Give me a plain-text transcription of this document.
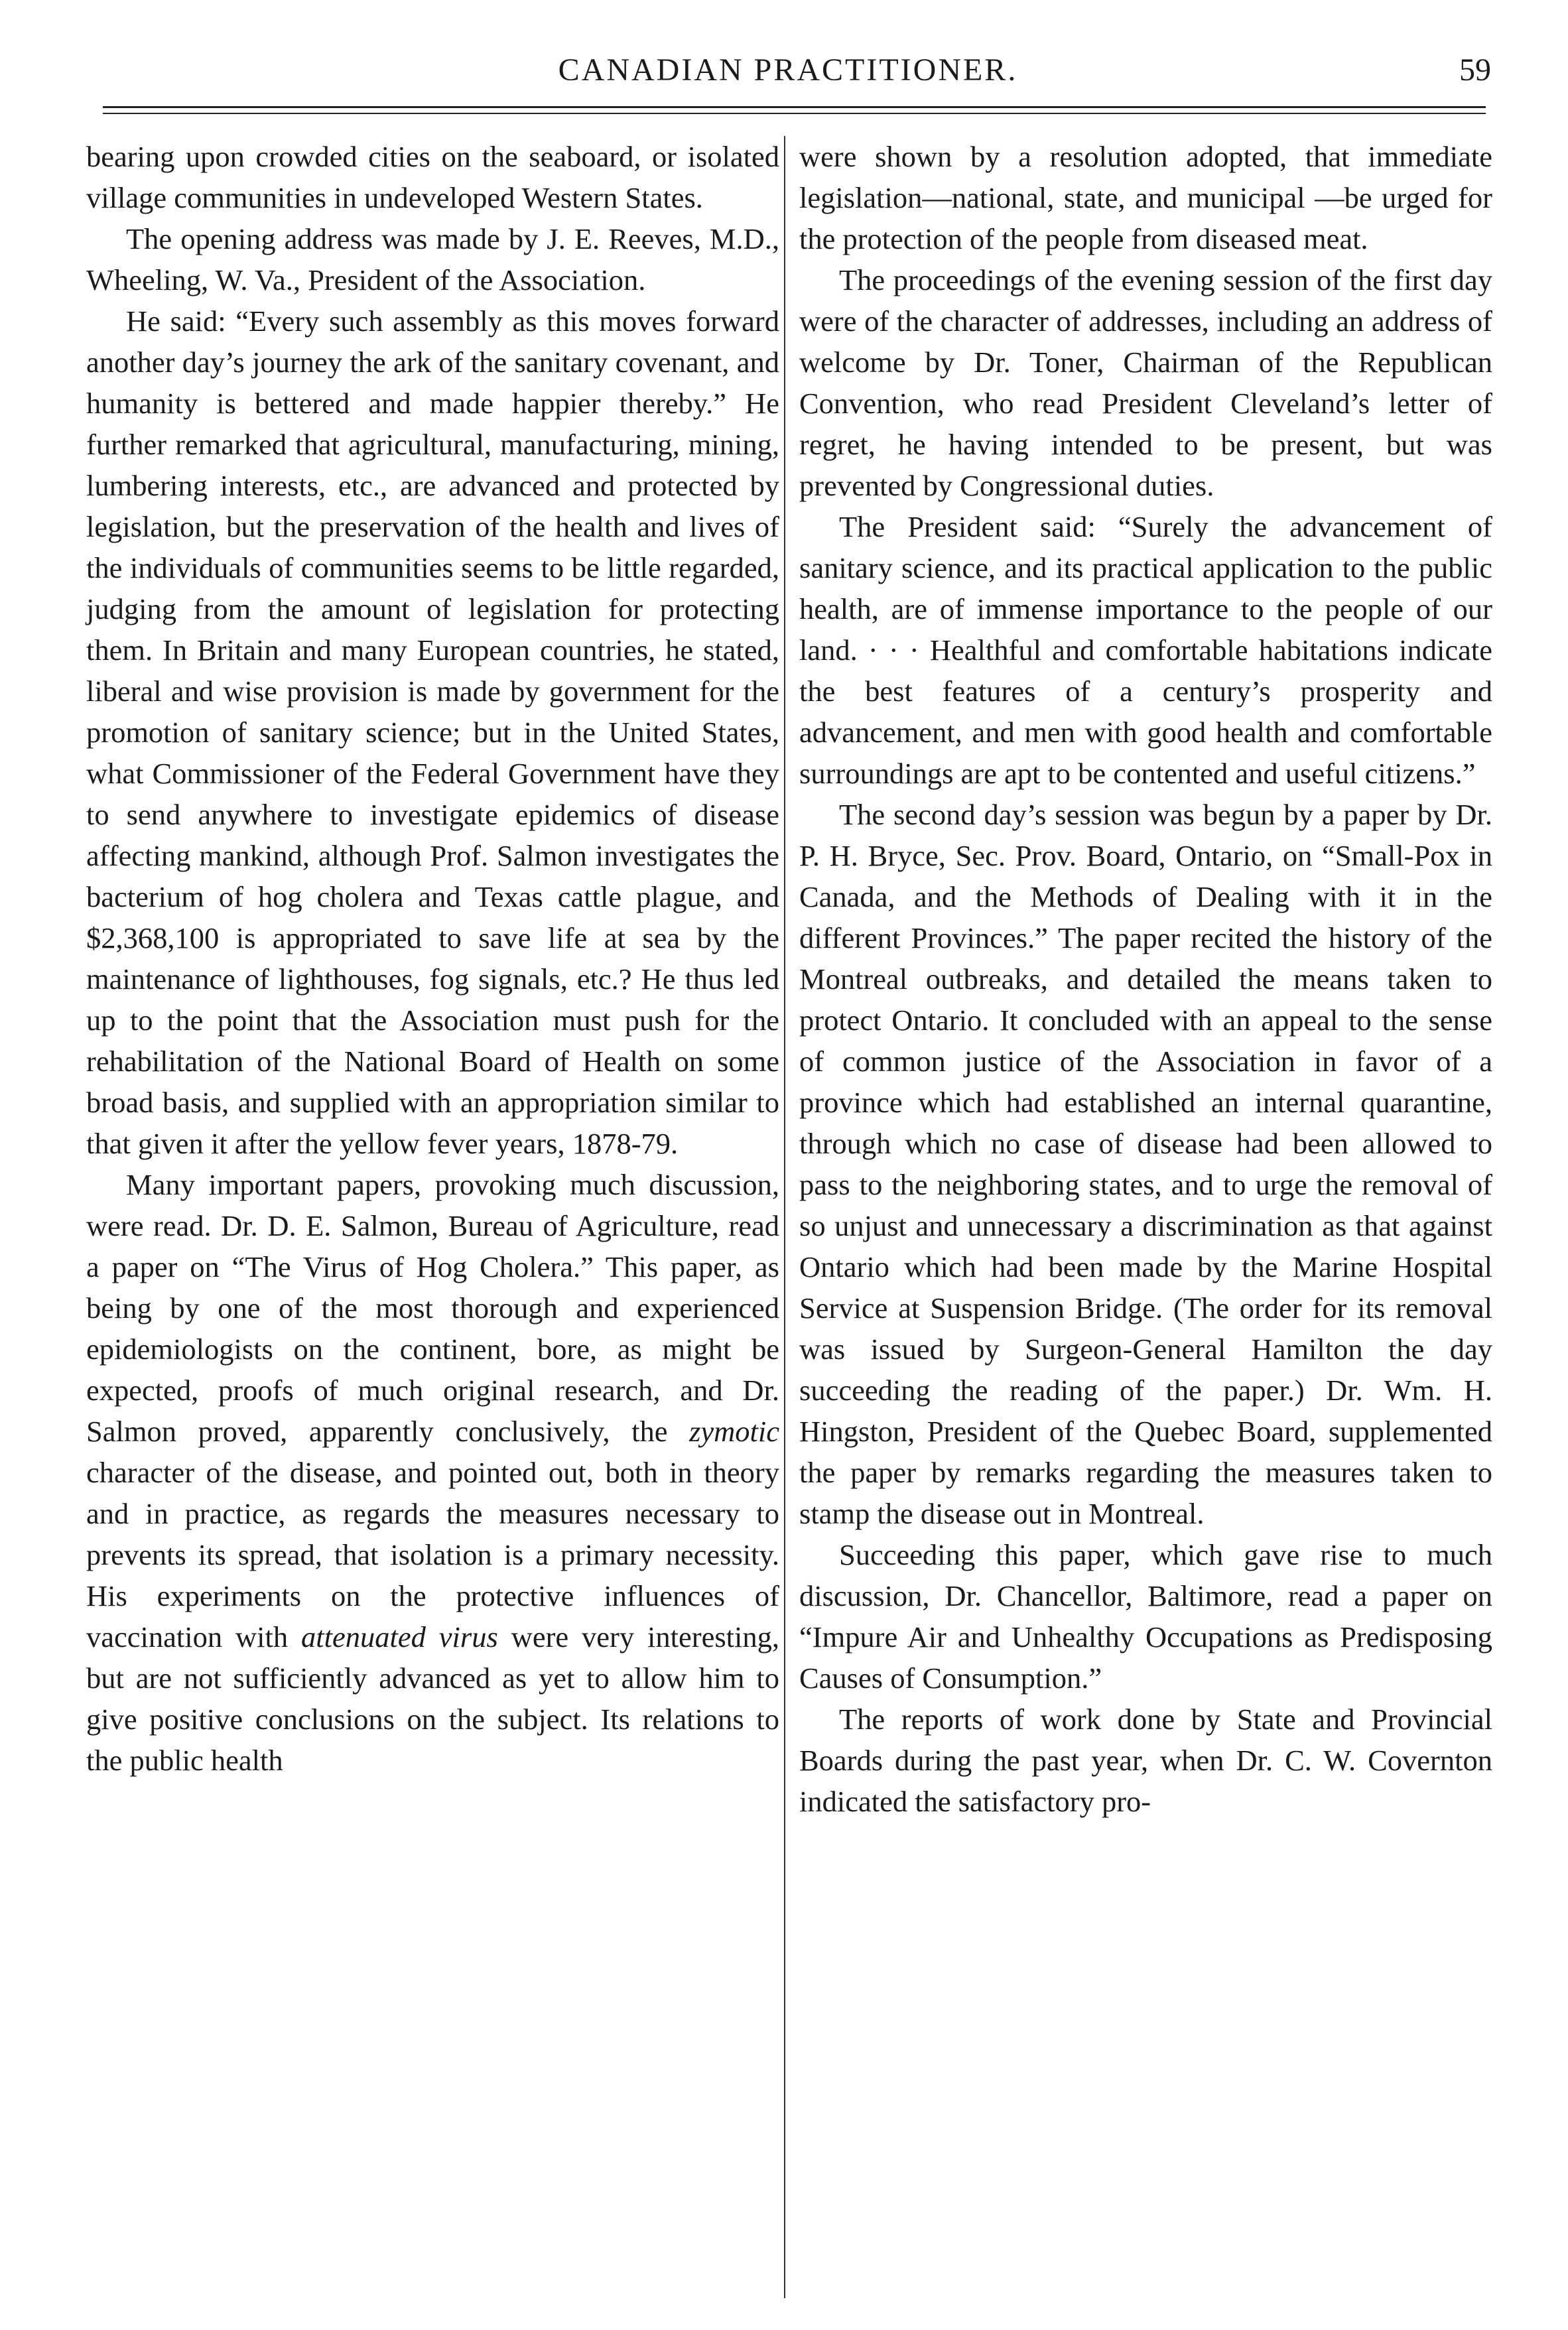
CANADIAN PRACTITIONER.	59

bearing upon crowded cities on the seaboard, or isolated village communities in undeveloped Western States.

The opening address was made by J. E. Reeves, M.D., Wheeling, W. Va., President of the Association.

He said: “Every such assembly as this moves forward another day’s journey the ark of the sanitary covenant, and humanity is bettered and made happier thereby.” He further remarked that agricultural, manufacturing, mining, lumbering interests, etc., are advanced and protected by legislation, but the preservation of the health and lives of the individuals of communities seems to be little regarded, judging from the amount of legislation for protecting them. In Britain and many European countries, he stated, liberal and wise provision is made by government for the promotion of sanitary science; but in the United States, what Commissioner of the Federal Government have they to send anywhere to investigate epidemics of disease affecting mankind, although Prof. Salmon investigates the bacterium of hog cholera and Texas cattle plague, and $2,368,100 is appropriated to save life at sea by the maintenance of lighthouses, fog signals, etc.? He thus led up to the point that the Association must push for the rehabilitation of the National Board of Health on some broad basis, and supplied with an appropriation similar to that given it after the yellow fever years, 1878-79.

Many important papers, provoking much discussion, were read. Dr. D. E. Salmon, Bureau of Agriculture, read a paper on “The Virus of Hog Cholera.” This paper, as being by one of the most thorough and experienced epidemiologists on the continent, bore, as might be expected, proofs of much original research, and Dr. Salmon proved, apparently conclusively, the zymotic character of the disease, and pointed out, both in theory and in practice, as regards the measures necessary to prevents its spread, that isolation is a primary necessity. His experiments on the protective influences of vaccination with attenuated virus were very interesting, but are not sufficiently advanced as yet to allow him to give positive conclusions on the subject. Its relations to the public health

were shown by a resolution adopted, that immediate legislation—national, state, and municipal —be urged for the protection of the people from diseased meat.

The proceedings of the evening session of the first day were of the character of addresses, including an address of welcome by Dr. Toner, Chairman of the Republican Convention, who read President Cleveland’s letter of regret, he having intended to be present, but was prevented by Congressional duties.

The President said: “Surely the advancement of sanitary science, and its practical application to the public health, are of immense importance to the people of our land. · · · Healthful and comfortable habitations indicate the best features of a century’s prosperity and advancement, and men with good health and comfortable surroundings are apt to be contented and useful citizens.”

The second day’s session was begun by a paper by Dr. P. H. Bryce, Sec. Prov. Board, Ontario, on “Small-Pox in Canada, and the Methods of Dealing with it in the different Provinces.” The paper recited the history of the Montreal outbreaks, and detailed the means taken to protect Ontario. It concluded with an appeal to the sense of common justice of the Association in favor of a province which had established an internal quarantine, through which no case of disease had been allowed to pass to the neighboring states, and to urge the removal of so unjust and unnecessary a discrimination as that against Ontario which had been made by the Marine Hospital Service at Suspension Bridge. (The order for its removal was issued by Surgeon-General Hamilton the day succeeding the reading of the paper.) Dr. Wm. H. Hingston, President of the Quebec Board, supplemented the paper by remarks regarding the measures taken to stamp the disease out in Montreal.

Succeeding this paper, which gave rise to much discussion, Dr. Chancellor, Baltimore, read a paper on “Impure Air and Unhealthy Occupations as Predisposing Causes of Consumption.”

The reports of work done by State and Provincial Boards during the past year, when Dr. C. W. Covernton indicated the satisfactory pro-
